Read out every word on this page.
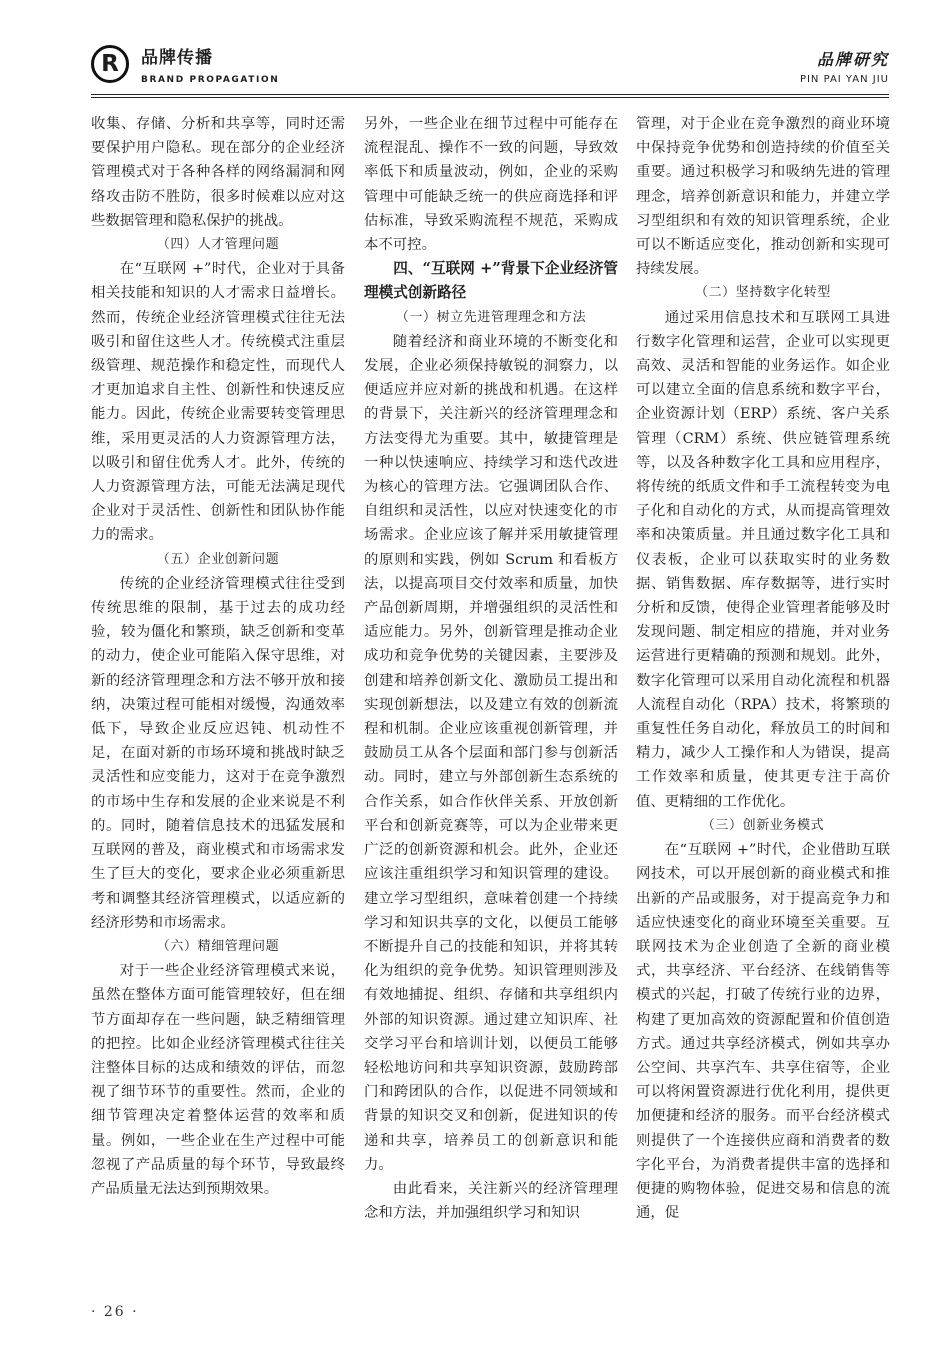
R	品牌传播
BRAND PROPAGATION
品牌研究
PIN PAI YAN JIU

收集、存储、分析和共享等，同时还需要保护用户隐私。现在部分的企业经济管理模式对于各种各样的网络漏洞和网络攻击防不胜防，很多时候难以应对这些数据管理和隐私保护的挑战。

（四）人才管理问题

在“互联网 +”时代，企业对于具备相关技能和知识的人才需求日益增长。然而，传统企业经济管理模式往往无法吸引和留住这些人才。传统模式注重层级管理、规范操作和稳定性，而现代人才更加追求自主性、创新性和快速反应能力。因此，传统企业需要转变管理思维，采用更灵活的人力资源管理方法，以吸引和留住优秀人才。此外，传统的人力资源管理方法，可能无法满足现代企业对于灵活性、创新性和团队协作能力的需求。

（五）企业创新问题

传统的企业经济管理模式往往受到传统思维的限制，基于过去的成功经验，较为僵化和繁琐，缺乏创新和变革的动力，使企业可能陷入保守思维，对新的经济管理理念和方法不够开放和接纳，决策过程可能相对缓慢，沟通效率低下，导致企业反应迟钝、机动性不足，在面对新的市场环境和挑战时缺乏灵活性和应变能力，这对于在竞争激烈的市场中生存和发展的企业来说是不利的。同时，随着信息技术的迅猛发展和互联网的普及，商业模式和市场需求发生了巨大的变化，要求企业必须重新思考和调整其经济管理模式，以适应新的经济形势和市场需求。

（六）精细管理问题

对于一些企业经济管理模式来说，虽然在整体方面可能管理较好，但在细节方面却存在一些问题，缺乏精细管理的把控。比如企业经济管理模式往往关注整体目标的达成和绩效的评估，而忽视了细节环节的重要性。然而，企业的细节管理决定着整体运营的效率和质量。例如，一些企业在生产过程中可能忽视了产品质量的每个环节，导致最终产品质量无法达到预期效果。

另外，一些企业在细节过程中可能存在流程混乱、操作不一致的问题，导致效率低下和质量波动，例如，企业的采购管理中可能缺乏统一的供应商选择和评估标准，导致采购流程不规范，采购成本不可控。

四、“互联网 +”背景下企业经济管理模式创新路径
（一）树立先进管理理念和方法

随着经济和商业环境的不断变化和发展，企业必须保持敏锐的洞察力，以便适应并应对新的挑战和机遇。在这样的背景下，关注新兴的经济管理理念和方法变得尤为重要。其中，敏捷管理是一种以快速响应、持续学习和迭代改进为核心的管理方法。它强调团队合作、自组织和灵活性，以应对快速变化的市场需求。企业应该了解并采用敏捷管理的原则和实践，例如 Scrum 和看板方法，以提高项目交付效率和质量，加快产品创新周期，并增强组织的灵活性和适应能力。另外，创新管理是推动企业成功和竞争优势的关键因素，主要涉及创建和培养创新文化、激励员工提出和实现创新想法，以及建立有效的创新流程和机制。企业应该重视创新管理，并鼓励员工从各个层面和部门参与创新活动。同时，建立与外部创新生态系统的合作关系，如合作伙伴关系、开放创新平台和创新竞赛等，可以为企业带来更广泛的创新资源和机会。此外，企业还应该注重组织学习和知识管理的建设。建立学习型组织，意味着创建一个持续学习和知识共享的文化，以便员工能够不断提升自己的技能和知识，并将其转化为组织的竞争优势。知识管理则涉及有效地捕捉、组织、存储和共享组织内外部的知识资源。通过建立知识库、社交学习平台和培训计划，以便员工能够轻松地访问和共享知识资源，鼓励跨部门和跨团队的合作，以促进不同领域和背景的知识交叉和创新，促进知识的传递和共享，培养员工的创新意识和能力。

由此看来，关注新兴的经济管理理念和方法，并加强组织学习和知识

管理，对于企业在竞争激烈的商业环境中保持竞争优势和创造持续的价值至关重要。通过积极学习和吸纳先进的管理理念，培养创新意识和能力，并建立学习型组织和有效的知识管理系统，企业可以不断适应变化，推动创新和实现可持续发展。

（二）坚持数字化转型

通过采用信息技术和互联网工具进行数字化管理和运营，企业可以实现更高效、灵活和智能的业务运作。如企业可以建立全面的信息系统和数字平台，企业资源计划（ERP）系统、客户关系管理（CRM）系统、供应链管理系统等，以及各种数字化工具和应用程序，将传统的纸质文件和手工流程转变为电子化和自动化的方式，从而提高管理效率和决策质量。并且通过数字化工具和仪表板，企业可以获取实时的业务数据、销售数据、库存数据等，进行实时分析和反馈，使得企业管理者能够及时发现问题、制定相应的措施，并对业务运营进行更精确的预测和规划。此外，数字化管理可以采用自动化流程和机器人流程自动化（RPA）技术，将繁琐的重复性任务自动化，释放员工的时间和精力，减少人工操作和人为错误，提高工作效率和质量，使其更专注于高价值、更精细的工作优化。

（三）创新业务模式

在“互联网 +”时代，企业借助互联网技术，可以开展创新的商业模式和推出新的产品或服务，对于提高竞争力和适应快速变化的商业环境至关重要。互联网技术为企业创造了全新的商业模式，共享经济、平台经济、在线销售等模式的兴起，打破了传统行业的边界，构建了更加高效的资源配置和价值创造方式。通过共享经济模式，例如共享办公空间、共享汽车、共享住宿等，企业可以将闲置资源进行优化利用，提供更加便捷和经济的服务。而平台经济模式则提供了一个连接供应商和消费者的数字化平台，为消费者提供丰富的选择和便捷的购物体验，促进交易和信息的流通，促

· 26 ·
